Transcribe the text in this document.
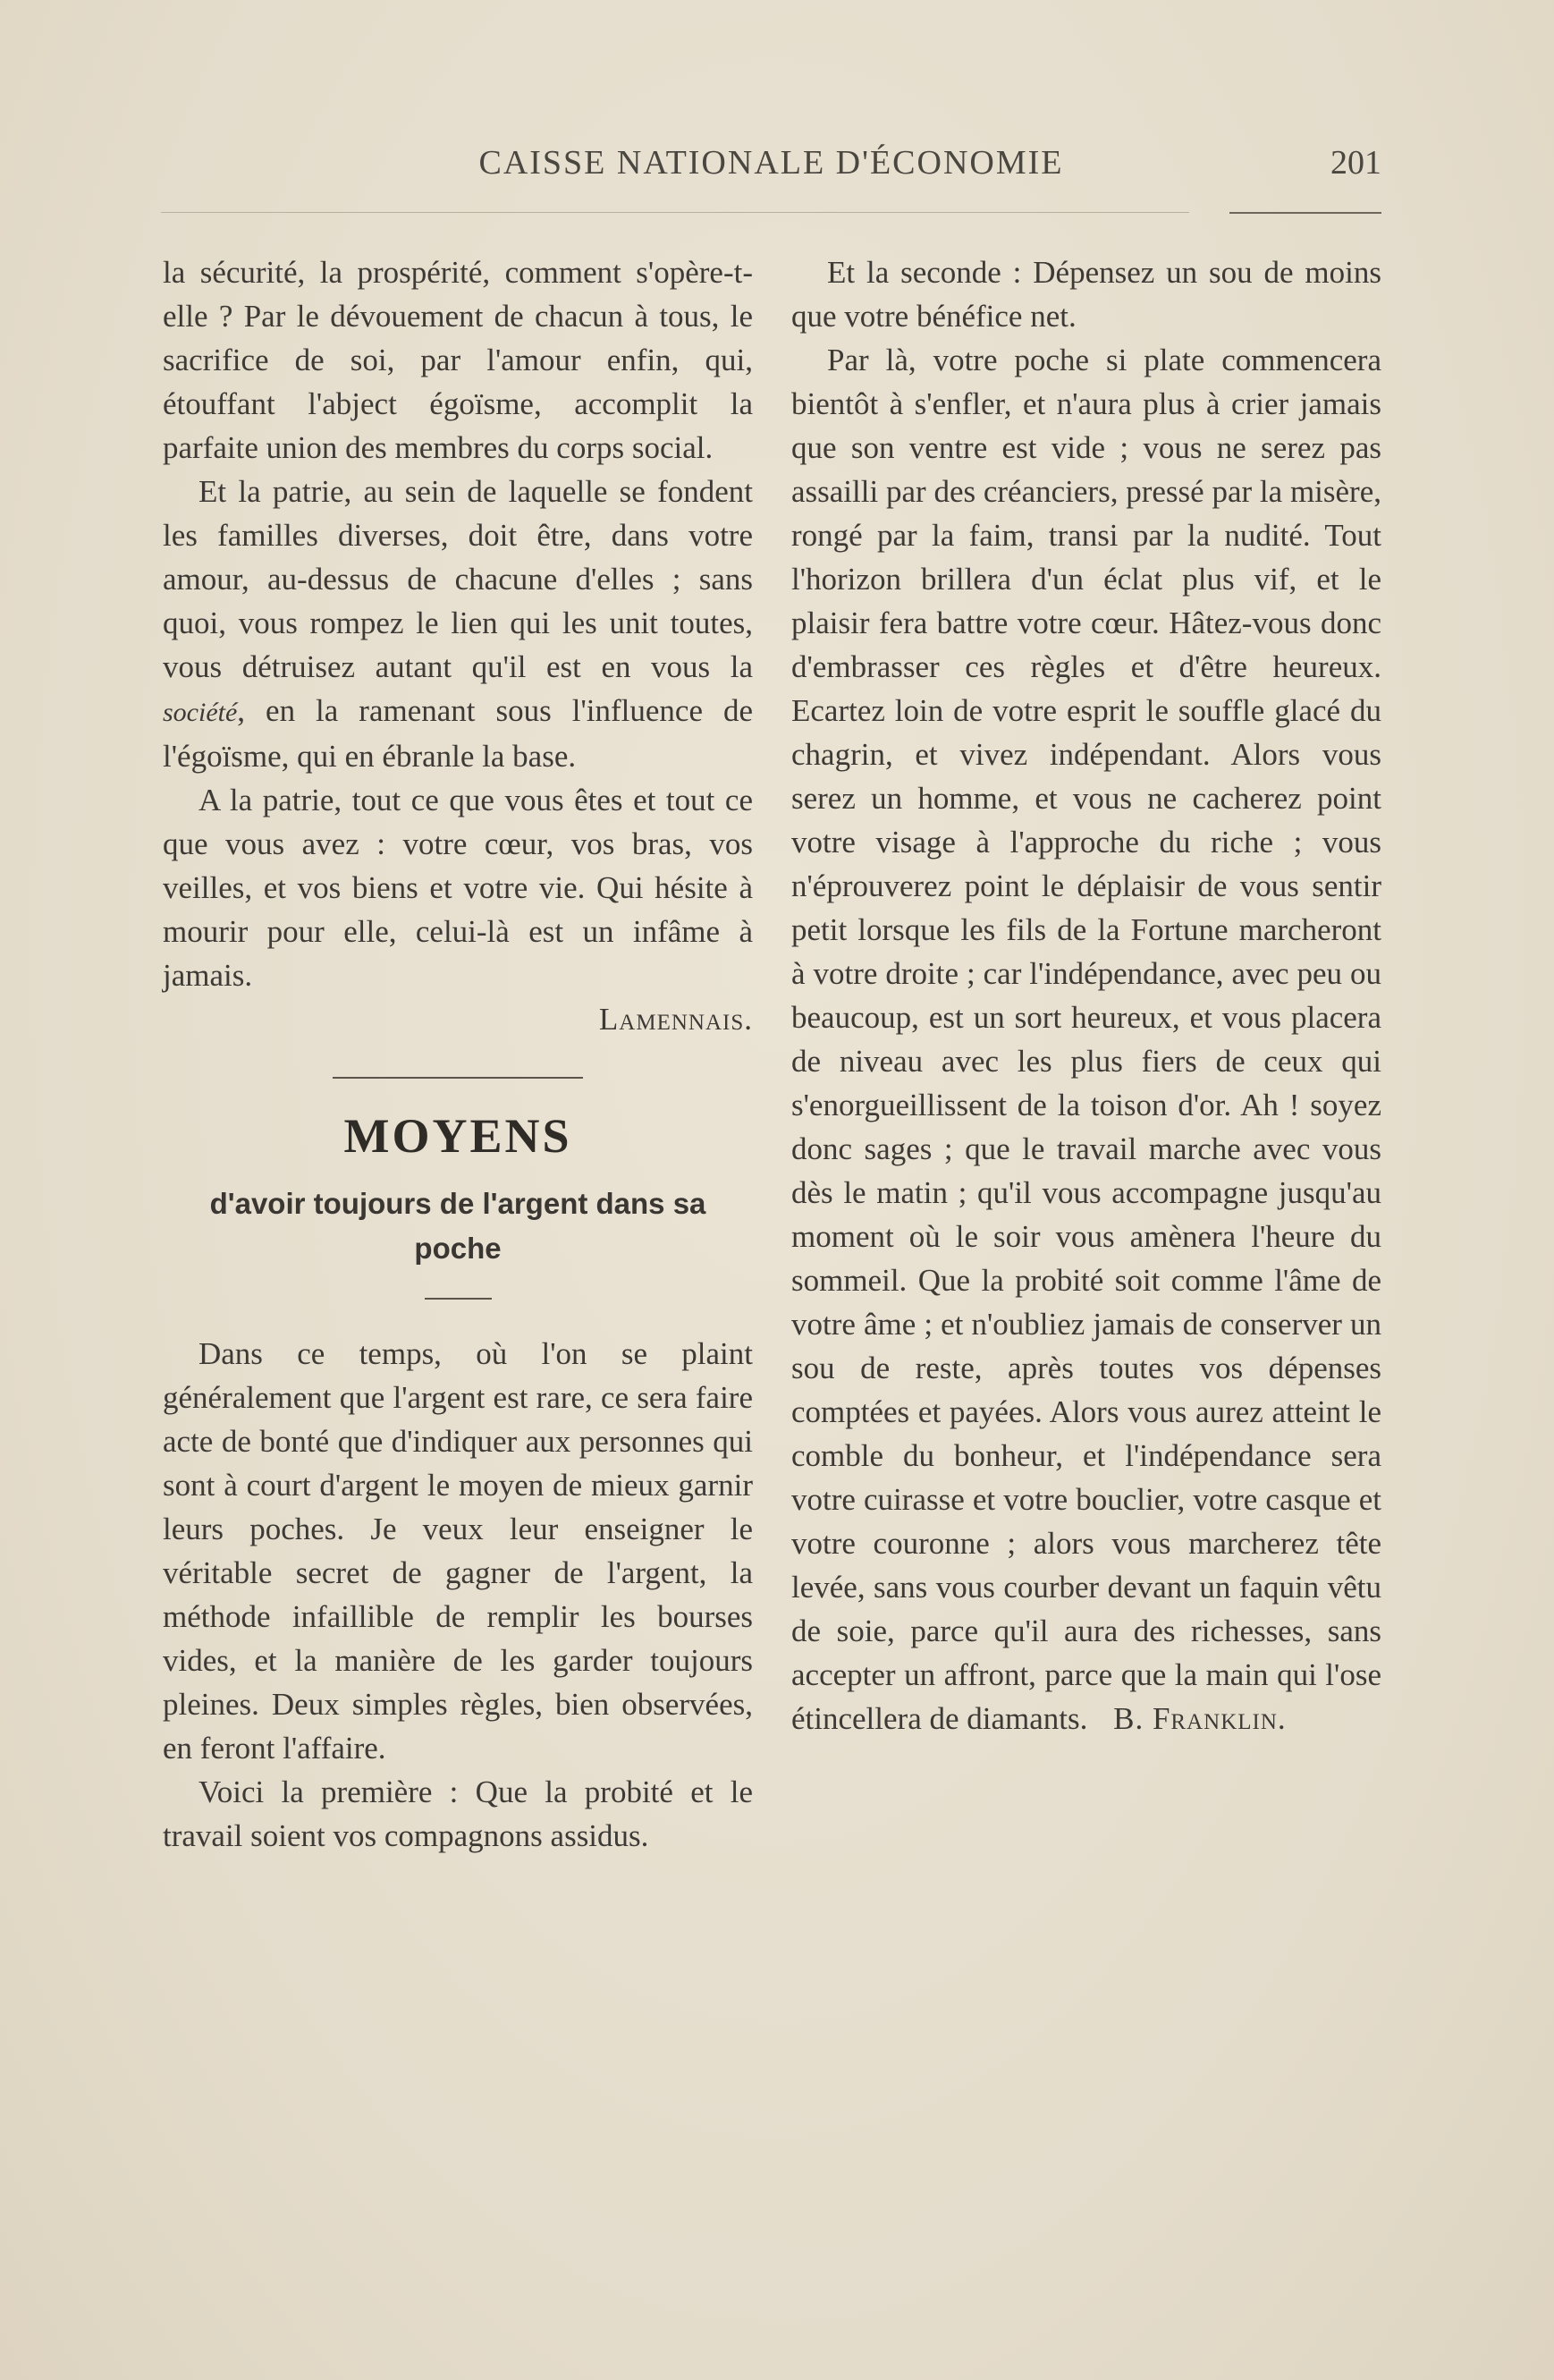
CAISSE NATIONALE D'ÉCONOMIE	201

la sécurité, la prospérité, comment s'opère-t-elle ? Par le dévouement de chacun à tous, le sacrifice de soi, par l'amour enfin, qui, étouffant l'abject égoïsme, accomplit la parfaite union des membres du corps social.

Et la patrie, au sein de laquelle se fondent les familles diverses, doit être, dans votre amour, au-dessus de chacune d'elles ; sans quoi, vous rompez le lien qui les unit toutes, vous détruisez autant qu'il est en vous la société, en la ramenant sous l'influence de l'égoïsme, qui en ébranle la base.

A la patrie, tout ce que vous êtes et tout ce que vous avez : votre cœur, vos bras, vos veilles, et vos biens et votre vie. Qui hésite à mourir pour elle, celui-là est un infâme à jamais.

Lamennais.
MOYENS
d'avoir toujours de l'argent dans sa poche

Dans ce temps, où l'on se plaint généralement que l'argent est rare, ce sera faire acte de bonté que d'indiquer aux personnes qui sont à court d'argent le moyen de mieux garnir leurs poches. Je veux leur enseigner le véritable secret de gagner de l'argent, la méthode infaillible de remplir les bourses vides, et la manière de les garder toujours pleines. Deux simples règles, bien observées, en feront l'affaire.

Voici la première : Que la probité et le travail soient vos compagnons assidus.

Et la seconde : Dépensez un sou de moins que votre bénéfice net.

Par là, votre poche si plate commencera bientôt à s'enfler, et n'aura plus à crier jamais que son ventre est vide ; vous ne serez pas assailli par des créanciers, pressé par la misère, rongé par la faim, transi par la nudité. Tout l'horizon brillera d'un éclat plus vif, et le plaisir fera battre votre cœur. Hâtez-vous donc d'embrasser ces règles et d'être heureux. Ecartez loin de votre esprit le souffle glacé du chagrin, et vivez indépendant. Alors vous serez un homme, et vous ne cacherez point votre visage à l'approche du riche ; vous n'éprouverez point le déplaisir de vous sentir petit lorsque les fils de la Fortune marcheront à votre droite ; car l'indépendance, avec peu ou beaucoup, est un sort heureux, et vous placera de niveau avec les plus fiers de ceux qui s'enorgueillissent de la toison d'or. Ah ! soyez donc sages ; que le travail marche avec vous dès le matin ; qu'il vous accompagne jusqu'au moment où le soir vous amènera l'heure du sommeil. Que la probité soit comme l'âme de votre âme ; et n'oubliez jamais de conserver un sou de reste, après toutes vos dépenses comptées et payées. Alors vous aurez atteint le comble du bonheur, et l'indépendance sera votre cuirasse et votre bouclier, votre casque et votre couronne ; alors vous marcherez tête levée, sans vous courber devant un faquin vêtu de soie, parce qu'il aura des richesses, sans accepter un affront, parce que la main qui l'ose étincellera de diamants. B. Franklin.
